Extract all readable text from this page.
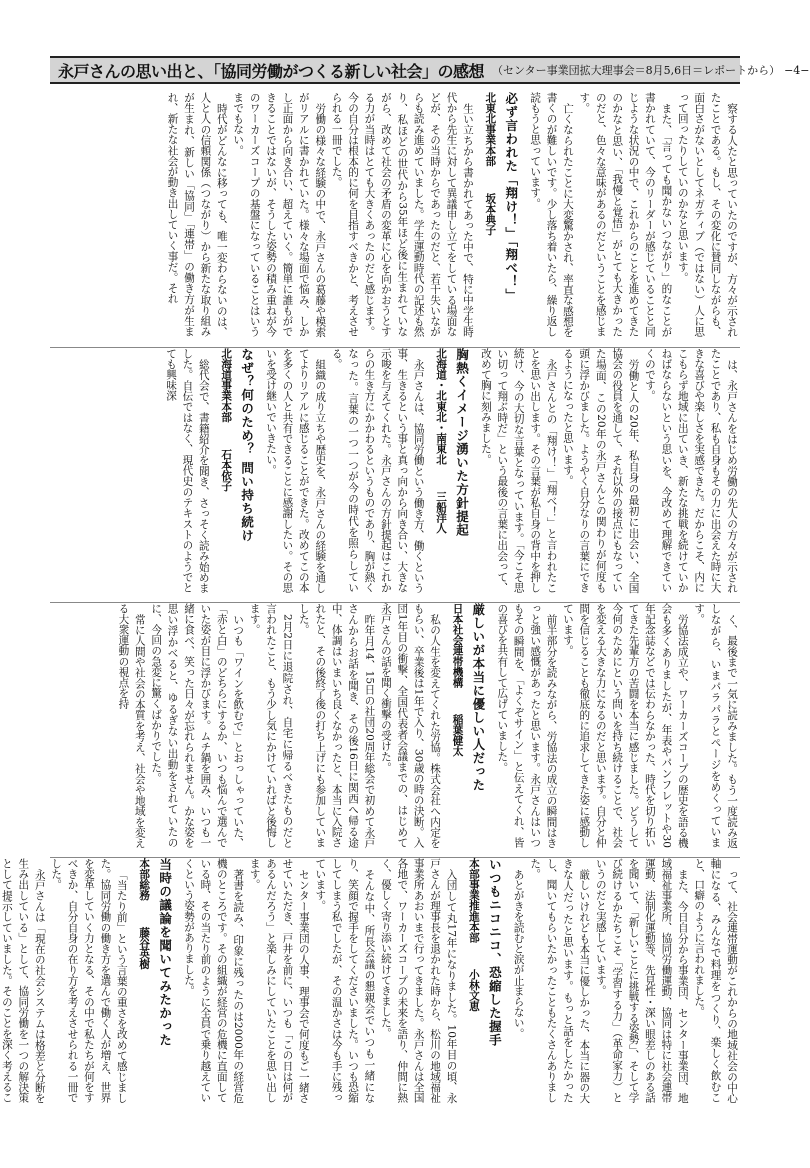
永戸さんの思い出と、「協同労働がつくる新しい社会」の感想 （センター事業団拡大理事会＝8月5,6日＝レポートから） −4−

察する人たと思っていたのですが、方々が示されたことである。もし、その変化に賛同しながらも、面白さがないとしてネガティブ（ではない）人に思って回ったりしていのかなと思います。

また、「言っても聞かないつながり」的なことが書かれていて、今のリーダーが感じていることと同じような状況の中で、これからのことを進めてきたのかなと思い、「我慢と覚悟」がとても大きかったのだと、色々な意味があるのだということを感じます。

亡くなられたことに大変驚かされ、率直な感想を書くのが難しいです。少し落ち着いたら、繰り返し読もうと思っています。

必ず言われた「翔け！」「翔べ！」

北東北事業本部坂本典子

生い立ちから書かれてあった中で、特に中学生時代から先生に対して異議申し立てをしている場面などが、その当時からであったのだと、若干失いながらも読み進めていました。学生運動時代の記述も然り、私ほどの世代から35年ほど後に生まれていながら、改めて社会の矛盾の変革に心を向かおうとする力が当時はとても大きくあったのだと感じます。今の自分は根本的に何を目指すべきかと、考えさせられる一冊でした。

労働の様々な経験の中で、永戸さんの葛藤や模索がリアルに書かれていた。様々な場面で悩み、しかし正面から向き合い、超えていく。簡単に誰もができることではないが、そうした姿勢の積み重ねが今のワーカーズコープの基盤になっていることはいうまでもない。

時代がどんなに移っても、唯一変わらないのは、人と人の信頼関係（つながり）から新たな取り組みが生まれ、新しい「協同」「連帯」の働き方が生まれ、新たな社会が動き出していく事だ。それ

は、永戸さんをはじめ労働の先人の方々が示されたことであり、私も自身もその力に出会えた時に大きな喜びや楽しさを実感できた。だからこそ、内にこもらず地域に出ていき、新たな挑戦を続けていかねばならないという思いを、今改めて理解できていくのです。

労働と人の20年、私自身の最初に出会い、全国協会の役員を通して、それ以外の接点にもなっていた場面、この20年の永戸さんとの関わりが何度も頭に浮かびました。ようやく自分なりの言葉にできるようになったと思います。

永戸さんとの「翔け！」「翔べ！」と言われたことを思い出します。その言葉が私自身の背中を押し続け、今の大切な言葉となっています。「今こそ思い切って翔ぶ時だ」という最後の言葉に出会って、改めて胸に刻みました。

胸熱くイメージ湧いた方針提起

北海道・北東北・南東北三船洋人

永戸さんは、協同労働という働き方、働くという事、生きるという事と真っ向から向き合い、大きな示唆を与えてくれた。永戸さんの方針提起はこれからの生き方にかかわるというものであり、胸が熱くなった。言葉の一つ一つが今の時代を照らしている。

組織の成り立ちや歴史を、永戸さんの経験を通してよりリアルに感じることができた。改めてこの本を多くの人と共有できることに感謝したい。その思いを受け継いでいきたい。

なぜ？何のため？ 問い持ち続け

北海道事業本部石本依子

総代会で、書籍紹介を聞き、さっそく読み始めました。自伝ではなく、現代史のテキストのようでとても興味深

く、最後まで一気に読みました。もう一度読み返しながら、いまパラパラとページをめくっています。

労協法成立や、ワーカーズコープの歴史を語る機会も多くありましたが、年表やパンフレットや30年記念誌などでは伝わらなかった、時代を切り拓いてきた先輩方の苦闘を本当に感じました。どうして今何のためにという問いを持ち続けることで、社会を変える大きな力になるのだと思います。自分と仲間を信じることも徹底的に追求してきた姿に感動しています。

前半部分を読みながら、労協法の成立の瞬間はきっと強い感慨があったと思います。永戸さんはいつもその瞬間を、「よくぞサイン」と伝えてくれ、皆の喜びを共有して広げていました。

厳しいが本当に優しい人だった

日本社会連帯機構稲葉健太

私の人生を変えてくれた労協。株式会社へ内定をもらい、卒業後は1年で入り、30歳の時の決断。入団1年目の衝撃、全国代表者会議までの、はじめて永戸さんの話を聞く衝撃の受けた。

昨年月14、15日の社団20周年総会で初めて永戸さんからお話を聞き、その後16日に関西へ帰る途中、体調はいまいち良くなかったと、本当に入院されたと、その後終了後の打ち上げにも参加していました。

2月2日に退院され、自宅に帰るべきたものだと言われたこと、もう少し気にかけていればと後悔します。

いつも「ワインを飲むで」とおっしゃっていた、「赤と白」のどちらにするか、いつも悩んで選んでいた姿が目に浮かびます。ムチ鍋を囲み、いつも一緒に食べ、笑った日々が忘れられません。かな姿を思い浮かべると、ゆるぎない出動をされていたのに、今回の急変に驚くばかりでした。

常に人間や社会の本質を考え、社会や地域を変える大衆運動の視点を持

って、社会連帯運動がこれからの地域社会の中心軸になる、みんなで料理をつくり、楽しく飲むこと、口癖のように言われました。

また、今日自分から事業団、センター事業団、地域福祉事業所、協同労働運動、協同は特に社会連帯運動、法制化運動等、先見性・深い眼差しのある話を聞いて、「新しいことに挑戦する姿勢」、そして学び続けるかたちこそ「学習する力」（革命家力）というのだと実感しています。

厳しいけれども本当に優しかった、本当に器の大きな人だったと思います。もっと話をしたかったし、聞いてもらいたかったこともたくさんありました。

あとがきを読むと涙が止まらない。

いつもニコニコ、恐縮した握手

本部事業推進本部小林文恵

入団して丸17年になりました。10年目の頃、永戸さんが理事長を退かれた時から、松川の地域福祉事業所あおいまで行ってきました。永戸さんは全国各地で、ワーカーズコープの未来を語り、仲間に熱く、優しく寄り添い続けてきました。

そんな中、所長会議の懇親会でいつも一緒になり、笑顔で握手をしてくださいました。いつも恐縮してしまう私でしたが、その温かさは今も手に残っています。

センター事業団の人事、理事会で何度もご一緒させていただき、戸井を前に、いつも「この日は何があるんだろう」と楽しみにしていたことを思い出します。

著書を読み、印象に残ったのは2000年の経営危機のところです。その組織が経営の危機に直面している時、その当たり前のように全員で乗り越えていくという姿勢がありました。

当時の議論を聞いてみたかった

本部総務藤谷英樹

「当たり前」という言葉の重さを改めて感じました。協同労働の働き方を選んで働く人が増え、世界を変革していく力となる、その中で私たちが何をすべきか、自分自身の在り方を考えさせられる一冊でした。

永戸さんは「現在の社会システムは格差と分断を生み出している」として、協同労働を一つの解決策として提示していました。そのことを深く考えるこ
